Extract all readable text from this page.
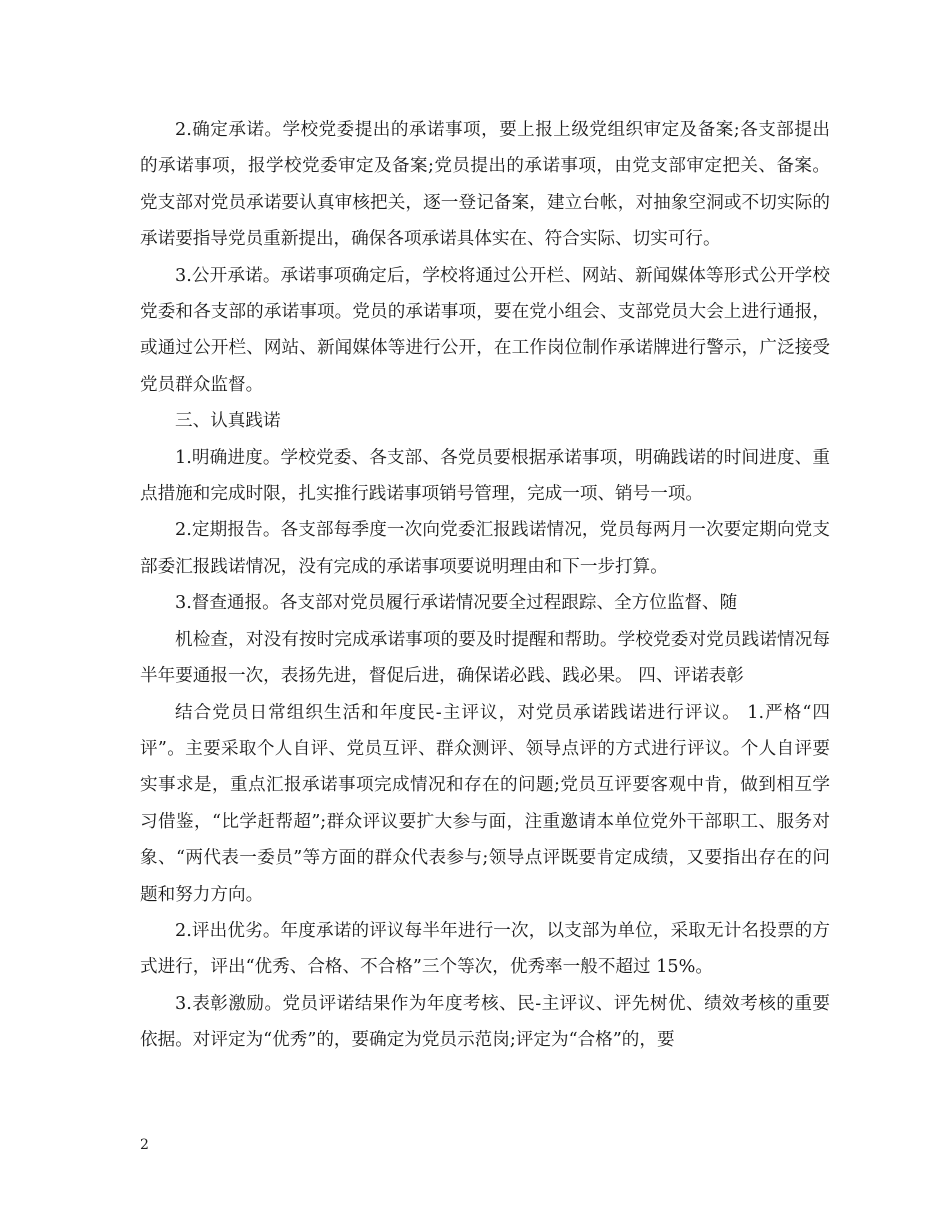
2.确定承诺。学校党委提出的承诺事项，要上报上级党组织审定及备案;各支部提出的承诺事项，报学校党委审定及备案;党员提出的承诺事项，由党支部审定把关、备案。党支部对党员承诺要认真审核把关，逐一登记备案，建立台帐，对抽象空洞或不切实际的承诺要指导党员重新提出，确保各项承诺具体实在、符合实际、切实可行。

3.公开承诺。承诺事项确定后，学校将通过公开栏、网站、新闻媒体等形式公开学校党委和各支部的承诺事项。党员的承诺事项，要在党小组会、支部党员大会上进行通报，或通过公开栏、网站、新闻媒体等进行公开，在工作岗位制作承诺牌进行警示，广泛接受党员群众监督。

三、认真践诺

1.明确进度。学校党委、各支部、各党员要根据承诺事项，明确践诺的时间进度、重点措施和完成时限，扎实推行践诺事项销号管理，完成一项、销号一项。

2.定期报告。各支部每季度一次向党委汇报践诺情况，党员每两月一次要定期向党支部委汇报践诺情况，没有完成的承诺事项要说明理由和下一步打算。

3.督查通报。各支部对党员履行承诺情况要全过程跟踪、全方位监督、随

机检查，对没有按时完成承诺事项的要及时提醒和帮助。学校党委对党员践诺情况每半年要通报一次，表扬先进，督促后进，确保诺必践、践必果。 四、评诺表彰

结合党员日常组织生活和年度民-主评议，对党员承诺践诺进行评议。 1.严格“四评”。主要采取个人自评、党员互评、群众测评、领导点评的方式进行评议。个人自评要实事求是，重点汇报承诺事项完成情况和存在的问题;党员互评要客观中肯，做到相互学习借鉴，“比学赶帮超”;群众评议要扩大参与面，注重邀请本单位党外干部职工、服务对象、“两代表一委员”等方面的群众代表参与;领导点评既要肯定成绩，又要指出存在的问题和努力方向。

2.评出优劣。年度承诺的评议每半年进行一次，以支部为单位，采取无计名投票的方式进行，评出“优秀、合格、不合格”三个等次，优秀率一般不超过 15%。

3.表彰激励。党员评诺结果作为年度考核、民-主评议、评先树优、绩效考核的重要依据。对评定为“优秀”的，要确定为党员示范岗;评定为“合格”的，要

2
